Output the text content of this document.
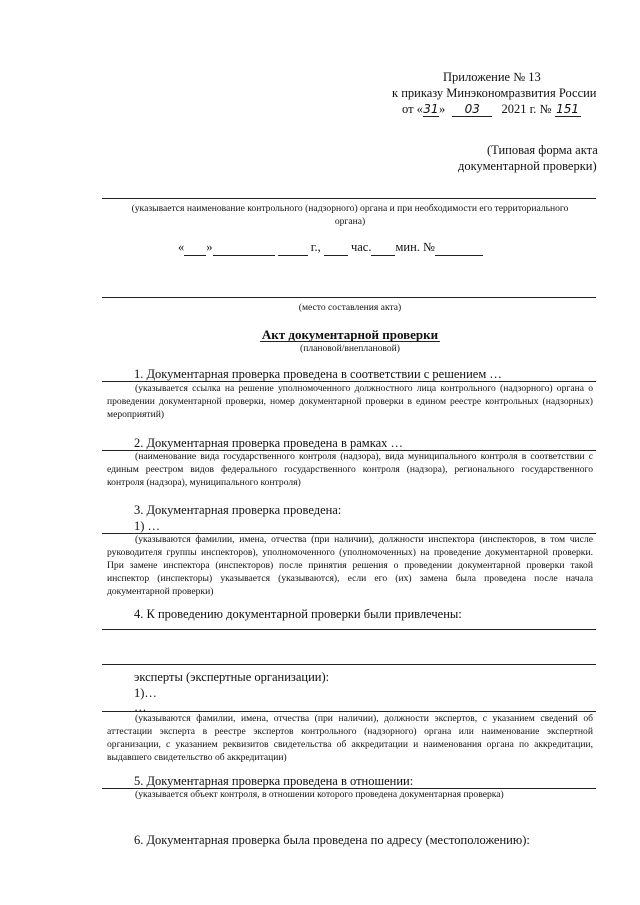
Приложение № 13
к приказу Минэкономразвития России
от «31» 03 2021 г. № 151
(Типовая форма акта
документарной проверки)
(указывается наименование контрольного (надзорного) органа и при необходимости его территориального
органа)
« »	г., час. мин. №
(место составления акта)
Акт документарной проверки
(плановой/внеплановой)
1. Документарная проверка проведена в соответствии с решением …
(указывается ссылка на решение уполномоченного должностного лица контрольного (надзорного) органа о проведении документарной проверки, номер документарной проверки в едином реестре контрольных (надзорных) мероприятий)
2. Документарная проверка проведена в рамках …
(наименование вида государственного контроля (надзора), вида муниципального контроля в соответствии с единым реестром видов федерального государственного контроля (надзора), регионального государственного контроля (надзора), муниципального контроля)
3. Документарная проверка проведена:
1) …
(указываются фамилии, имена, отчества (при наличии), должности инспектора (инспекторов, в том числе руководителя группы инспекторов), уполномоченного (уполномоченных) на проведение документарной проверки. При замене инспектора (инспекторов) после принятия решения о проведении документарной проверки такой инспектор (инспекторы) указывается (указываются), если его (их) замена была проведена после начала документарной проверки)
4. К проведению документарной проверки были привлечены:
эксперты (экспертные организации):
1)…
…
(указываются фамилии, имена, отчества (при наличии), должности экспертов, с указанием сведений об аттестации эксперта в реестре экспертов контрольного (надзорного) органа или наименование экспертной организации, с указанием реквизитов свидетельства об аккредитации и наименования органа по аккредитации, выдавшего свидетельство об аккредитации)
5. Документарная проверка проведена в отношении:
(указывается объект контроля, в отношении которого проведена документарная проверка)
6. Документарная проверка была проведена по адресу (местоположению):
